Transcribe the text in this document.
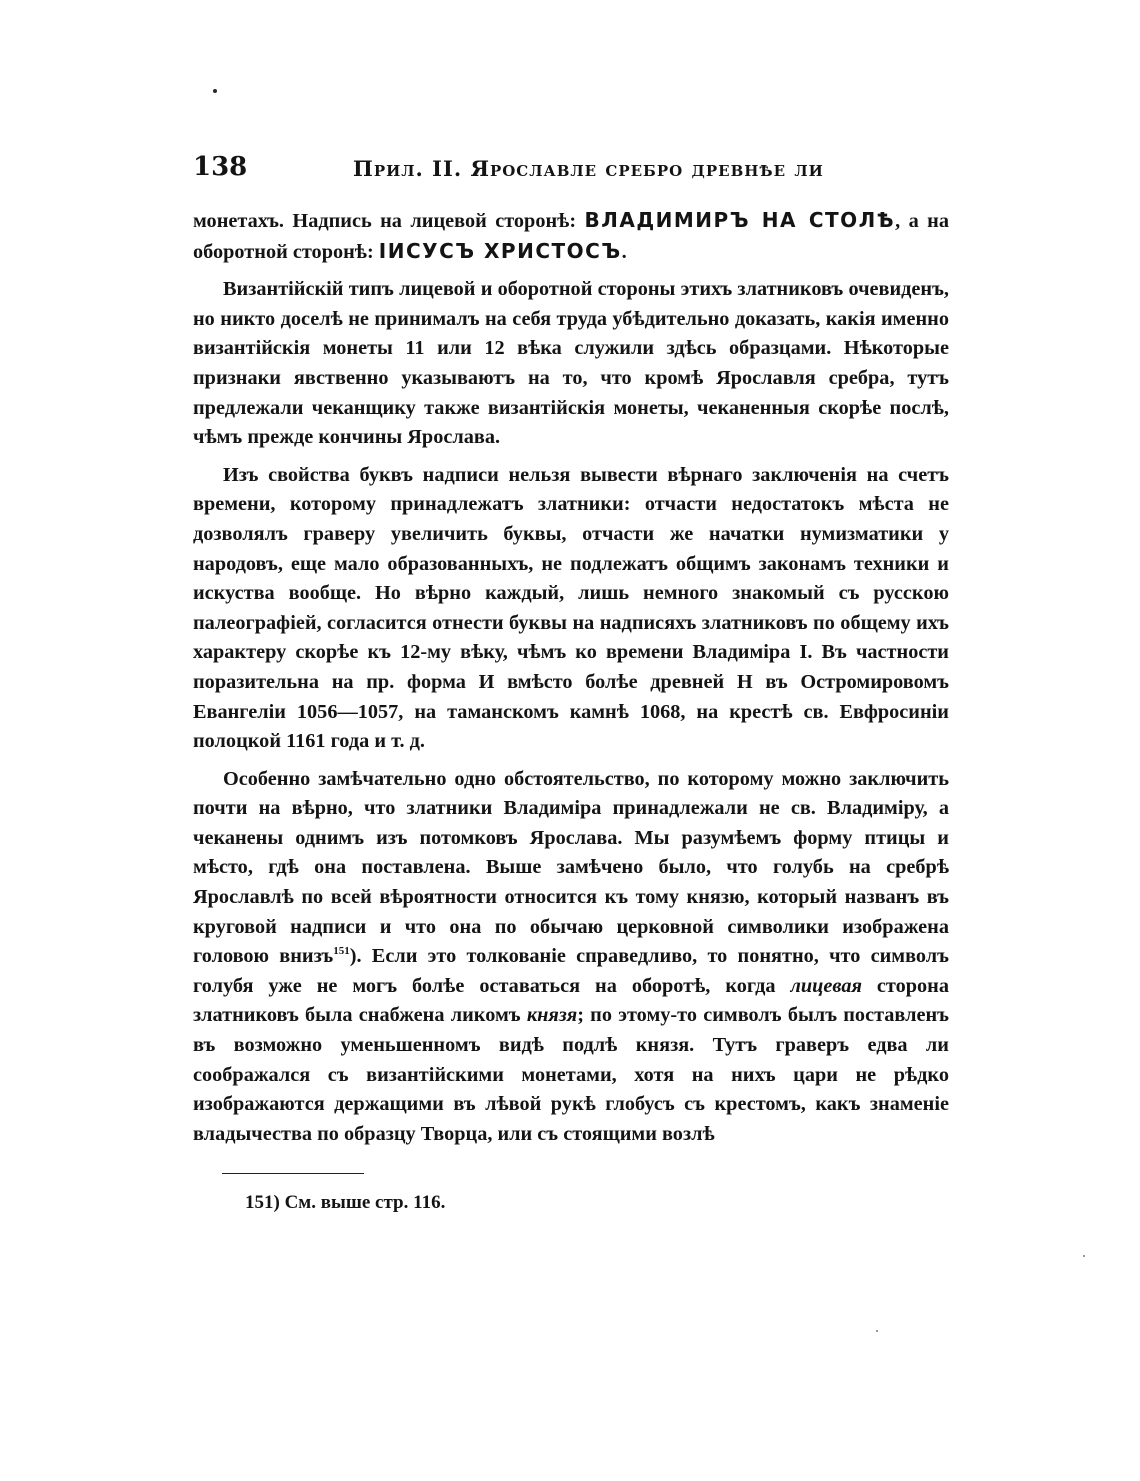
138	Прил. II. Ярославле сребро древнѣе ли

монетахъ. Надпись на лицевой сторонѣ: ВЛАДИМИРЪ НА СТОЛѢ, а на оборотной сторонѣ: ІИСУСЪ ХРИСТОСЪ.

Византійскій типъ лицевой и оборотной стороны этихъ златниковъ очевиденъ, но никто доселѣ не принималъ на себя труда убѣдительно доказать, какія именно византійскія монеты 11 или 12 вѣка служили здѣсь образцами. Нѣкоторые признаки явственно указываютъ на то, что кромѣ Ярославля сребра, тутъ предлежали чеканщику также византійскія монеты, чеканенныя скорѣе послѣ, чѣмъ прежде кончины Ярослава.

Изъ свойства буквъ надписи нельзя вывести вѣрнаго заключенія на счетъ времени, которому принадлежатъ златники: отчасти недостатокъ мѣста не дозволялъ граверу увеличить буквы, отчасти же начатки нумизматики у народовъ, еще мало образованныхъ, не подлежатъ общимъ законамъ техники и искуства вообще. Но вѣрно каждый, лишь немного знакомый съ русскою палеографіей, согласится отнести буквы на надписяхъ златниковъ по общему ихъ характеру скорѣе къ 12-му вѣку, чѣмъ ко времени Владиміра I. Въ частности поразительна на пр. форма И вмѣсто болѣе древней Н въ Остромировомъ Евангеліи 1056—1057, на таманскомъ камнѣ 1068, на крестѣ св. Евфросиніи полоцкой 1161 года и т. д.

Особенно замѣчательно одно обстоятельство, по которому можно заключить почти на вѣрно, что златники Владиміра принадлежали не св. Владиміру, а чеканены однимъ изъ потомковъ Ярослава. Мы разумѣемъ форму птицы и мѣсто, гдѣ она поставлена. Выше замѣчено было, что голубь на сребрѣ Ярославлѣ по всей вѣроятности относится къ тому князю, который названъ въ круговой надписи и что она по обычаю церковной символики изображена головою внизъ$^{151}$). Если это толкованіе справедливо, то понятно, что символъ голубя уже не могъ болѣе оставаться на оборотѣ, когда лицевая сторона златниковъ была снабжена ликомъ князя; по этому-то символъ былъ поставленъ въ возможно уменьшенномъ видѣ подлѣ князя. Тутъ граверъ едва ли соображался съ византійскими монетами, хотя на нихъ цари не рѣдко изображаются держащими въ лѣвой рукѣ глобусъ съ крестомъ, какъ знаменіе владычества по образцу Творца, или съ стоящими возлѣ

151) См. выше стр. 116.
